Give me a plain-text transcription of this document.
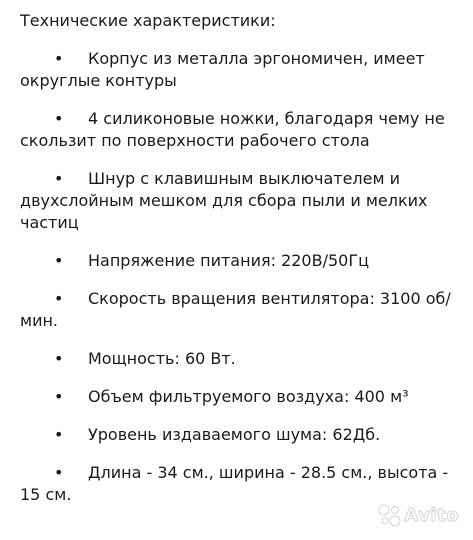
Технические характеристики:

• Корпус из металла эргономичен, имеет округлые контуры
• 4 силиконовые ножки, благодаря чему не скользит по поверхности рабочего стола
• Шнур с клавишным выключателем и двухслойным мешком для сбора пыли и мелких частиц
• Напряжение питания: 220В/50Гц
• Скорость вращения вентилятора: 3100 об/мин.
• Мощность: 60 Вт.
• Объем фильтруемого воздуха: 400 м³
• Уровень издаваемого шума: 62Дб.
• Длина - 34 см., ширина - 28.5 см., высота - 15 см.
Avito
